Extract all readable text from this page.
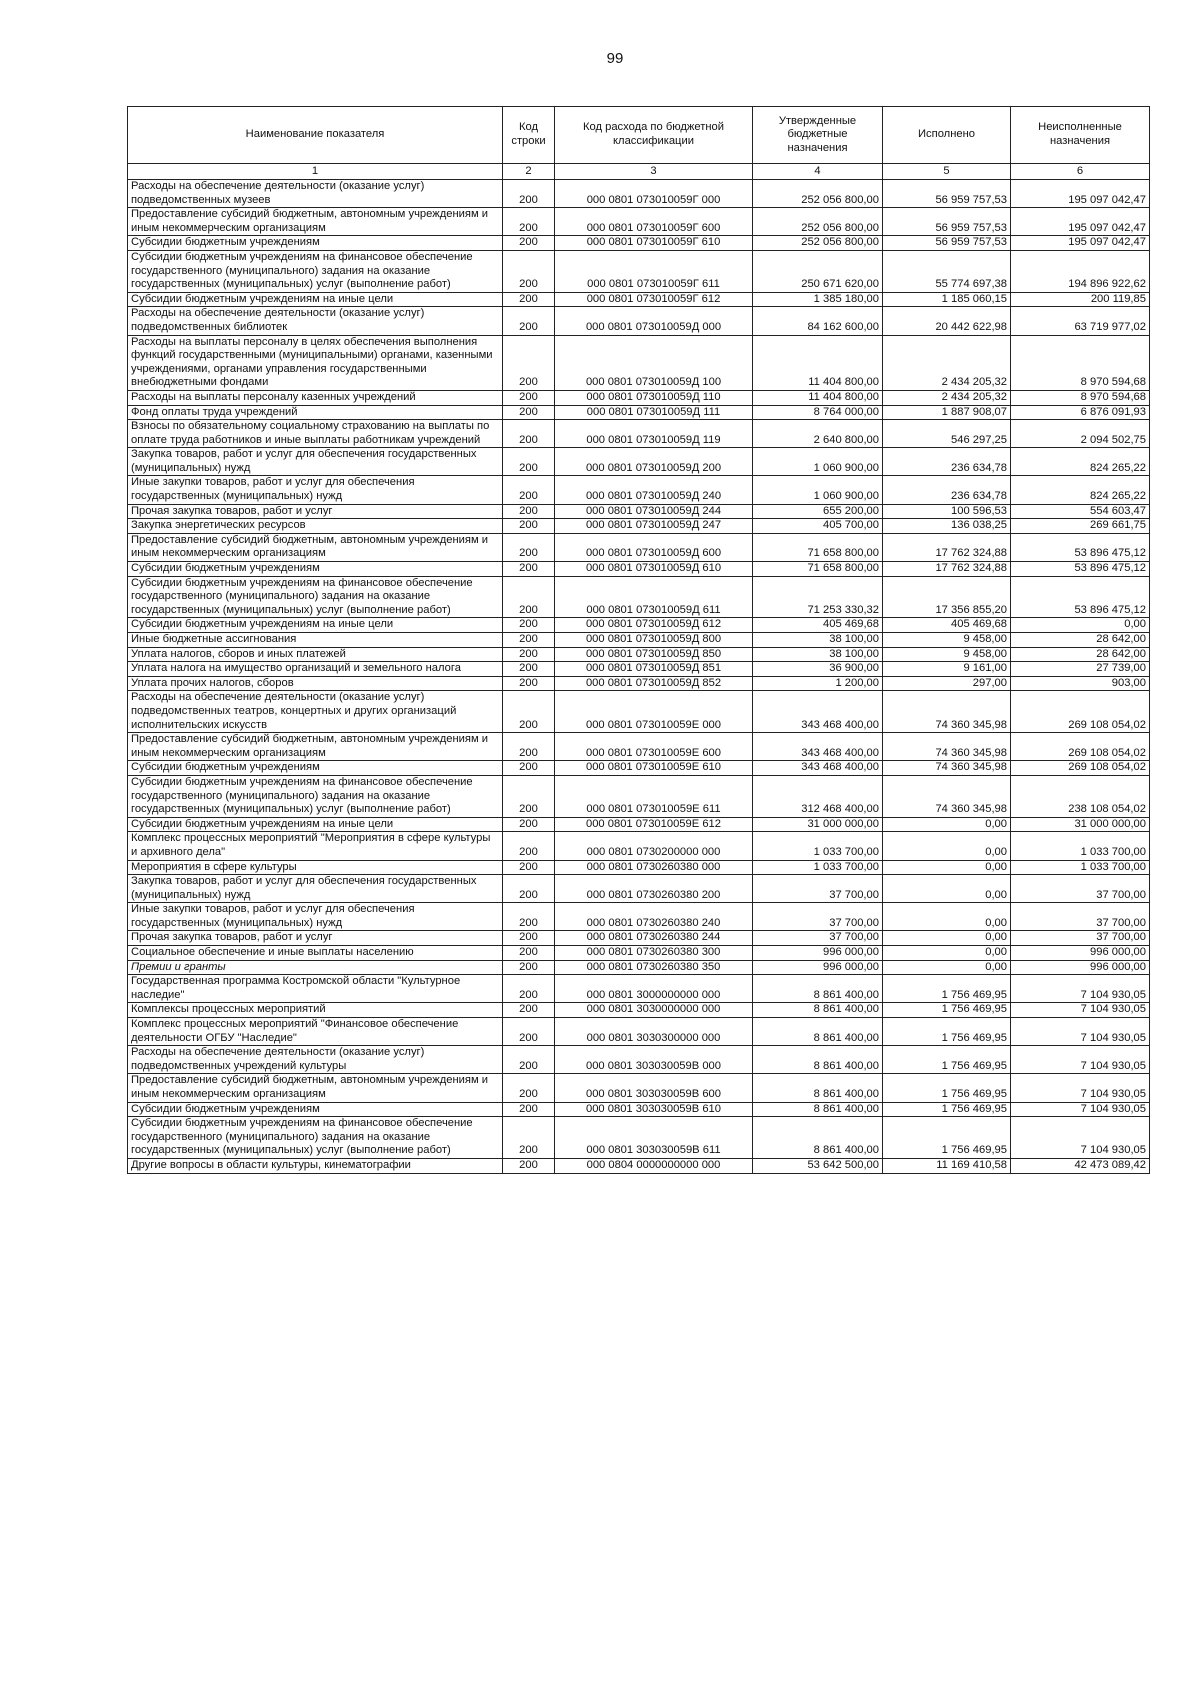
99
Наименование показателя	Код строки	Код расхода по бюджетной классификации	Утвержденные бюджетные назначения	Исполнено	Неисполненные назначения
1	2	3	4	5	6
Расходы на обеспечение деятельности (оказание услуг) подведомственных музеев	200	000 0801 073010059Г 000	252 056 800,00	56 959 757,53	195 097 042,47
Предоставление субсидий бюджетным, автономным учреждениям и иным некоммерческим организациям	200	000 0801 073010059Г 600	252 056 800,00	56 959 757,53	195 097 042,47
Субсидии бюджетным учреждениям	200	000 0801 073010059Г 610	252 056 800,00	56 959 757,53	195 097 042,47
Субсидии бюджетным учреждениям на финансовое обеспечение государственного (муниципального) задания на оказание государственных (муниципальных) услуг (выполнение работ)	200	000 0801 073010059Г 611	250 671 620,00	55 774 697,38	194 896 922,62
Субсидии бюджетным учреждениям на иные цели	200	000 0801 073010059Г 612	1 385 180,00	1 185 060,15	200 119,85
Расходы на обеспечение деятельности (оказание услуг) подведомственных библиотек	200	000 0801 073010059Д 000	84 162 600,00	20 442 622,98	63 719 977,02
Расходы на выплаты персоналу в целях обеспечения выполнения функций государственными (муниципальными) органами, казенными учреждениями, органами управления государственными внебюджетными фондами	200	000 0801 073010059Д 100	11 404 800,00	2 434 205,32	8 970 594,68
Расходы на выплаты персоналу казенных учреждений	200	000 0801 073010059Д 110	11 404 800,00	2 434 205,32	8 970 594,68
Фонд оплаты труда учреждений	200	000 0801 073010059Д 111	8 764 000,00	1 887 908,07	6 876 091,93
Взносы по обязательному социальному страхованию на выплаты по оплате труда работников и иные выплаты работникам учреждений	200	000 0801 073010059Д 119	2 640 800,00	546 297,25	2 094 502,75
Закупка товаров, работ и услуг для обеспечения государственных (муниципальных) нужд	200	000 0801 073010059Д 200	1 060 900,00	236 634,78	824 265,22
Иные закупки товаров, работ и услуг для обеспечения государственных (муниципальных) нужд	200	000 0801 073010059Д 240	1 060 900,00	236 634,78	824 265,22
Прочая закупка товаров, работ и услуг	200	000 0801 073010059Д 244	655 200,00	100 596,53	554 603,47
Закупка энергетических ресурсов	200	000 0801 073010059Д 247	405 700,00	136 038,25	269 661,75
Предоставление субсидий бюджетным, автономным учреждениям и иным некоммерческим организациям	200	000 0801 073010059Д 600	71 658 800,00	17 762 324,88	53 896 475,12
Субсидии бюджетным учреждениям	200	000 0801 073010059Д 610	71 658 800,00	17 762 324,88	53 896 475,12
Субсидии бюджетным учреждениям на финансовое обеспечение государственного (муниципального) задания на оказание государственных (муниципальных) услуг (выполнение работ)	200	000 0801 073010059Д 611	71 253 330,32	17 356 855,20	53 896 475,12
Субсидии бюджетным учреждениям на иные цели	200	000 0801 073010059Д 612	405 469,68	405 469,68	0,00
Иные бюджетные ассигнования	200	000 0801 073010059Д 800	38 100,00	9 458,00	28 642,00
Уплата налогов, сборов и иных платежей	200	000 0801 073010059Д 850	38 100,00	9 458,00	28 642,00
Уплата налога на имущество организаций и земельного налога	200	000 0801 073010059Д 851	36 900,00	9 161,00	27 739,00
Уплата прочих налогов, сборов	200	000 0801 073010059Д 852	1 200,00	297,00	903,00
Расходы на обеспечение деятельности (оказание услуг) подведомственных театров, концертных и других организаций исполнительских искусств	200	000 0801 073010059Е 000	343 468 400,00	74 360 345,98	269 108 054,02
Предоставление субсидий бюджетным, автономным учреждениям и иным некоммерческим организациям	200	000 0801 073010059Е 600	343 468 400,00	74 360 345,98	269 108 054,02
Субсидии бюджетным учреждениям	200	000 0801 073010059Е 610	343 468 400,00	74 360 345,98	269 108 054,02
Субсидии бюджетным учреждениям на финансовое обеспечение государственного (муниципального) задания на оказание государственных (муниципальных) услуг (выполнение работ)	200	000 0801 073010059Е 611	312 468 400,00	74 360 345,98	238 108 054,02
Субсидии бюджетным учреждениям на иные цели	200	000 0801 073010059Е 612	31 000 000,00	0,00	31 000 000,00
Комплекс процессных мероприятий "Мероприятия в сфере культуры и архивного дела"	200	000 0801 0730200000 000	1 033 700,00	0,00	1 033 700,00
Мероприятия в сфере культуры	200	000 0801 0730260380 000	1 033 700,00	0,00	1 033 700,00
Закупка товаров, работ и услуг для обеспечения государственных (муниципальных) нужд	200	000 0801 0730260380 200	37 700,00	0,00	37 700,00
Иные закупки товаров, работ и услуг для обеспечения государственных (муниципальных) нужд	200	000 0801 0730260380 240	37 700,00	0,00	37 700,00
Прочая закупка товаров, работ и услуг	200	000 0801 0730260380 244	37 700,00	0,00	37 700,00
Социальное обеспечение и иные выплаты населению	200	000 0801 0730260380 300	996 000,00	0,00	996 000,00
Премии и гранты	200	000 0801 0730260380 350	996 000,00	0,00	996 000,00
Государственная программа Костромской области "Культурное наследие"	200	000 0801 3000000000 000	8 861 400,00	1 756 469,95	7 104 930,05
Комплексы процессных мероприятий	200	000 0801 3030000000 000	8 861 400,00	1 756 469,95	7 104 930,05
Комплекс процессных мероприятий "Финансовое обеспечение деятельности ОГБУ "Наследие"	200	000 0801 3030300000 000	8 861 400,00	1 756 469,95	7 104 930,05
Расходы на обеспечение деятельности (оказание услуг) подведомственных учреждений культуры	200	000 0801 303030059В 000	8 861 400,00	1 756 469,95	7 104 930,05
Предоставление субсидий бюджетным, автономным учреждениям и иным некоммерческим организациям	200	000 0801 303030059В 600	8 861 400,00	1 756 469,95	7 104 930,05
Субсидии бюджетным учреждениям	200	000 0801 303030059В 610	8 861 400,00	1 756 469,95	7 104 930,05
Субсидии бюджетным учреждениям на финансовое обеспечение государственного (муниципального) задания на оказание государственных (муниципальных) услуг (выполнение работ)	200	000 0801 303030059В 611	8 861 400,00	1 756 469,95	7 104 930,05
Другие вопросы в области культуры, кинематографии	200	000 0804 0000000000 000	53 642 500,00	11 169 410,58	42 473 089,42
